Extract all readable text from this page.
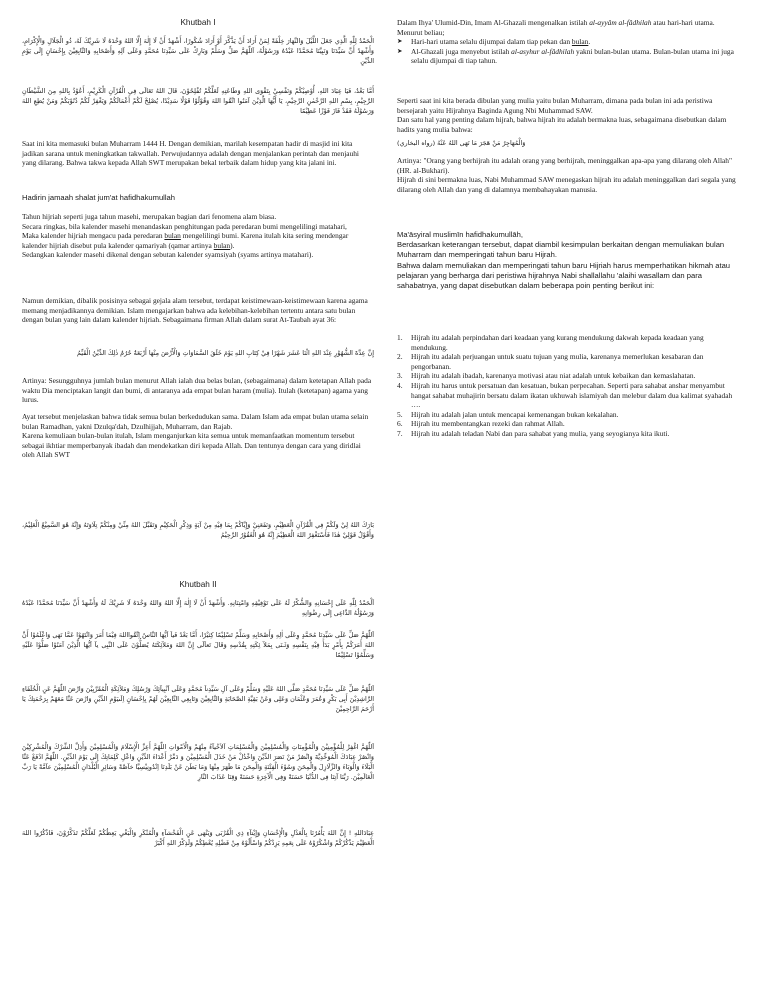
Khutbah I
الْحَمْدُ لِلّٰهِ الَّذِي جَعَلَ اللَّيْلَ وَالنَّهَارَ خِلْفَةً لِمَنْ أَرَادَ أَنْ يَذَّكَّرَ أَوْ أَرَادَ شُكُورًا، أَشْهَدُ أَنْ لَا إِلٰهَ إِلَّا اللهُ وَحْدَهُ لَا شَرِيْكَ لَهُ، ذُو الْجَلَالِ وَالْإِكْرَامِ، وَأَشْهَدُ أَنَّ سَيِّدَنَا وَنَبِيَّنَا مُحَمَّدًا عَبْدُهُ وَرَسُوْلُهُ، اَللّٰهُمَّ صَلِّ وَسَلِّمْ وَبَارِكْ عَلَى سَيِّدِنَا مُحَمَّدٍ وَعَلَى آلِهِ وَأَصْحَابِهِ وَالتَّابِعِيْنَ بِإِحْسَانٍ إِلَى يَوْمِ الدِّيْنِ
أَمَّا بَعْدُ، فَيَا عِبَادَ اللهِ، أُوْصِيْكُمْ وَنَفْسِيْ بِتَقْوَى اللهِ وَطَاعَتِهِ لَعَلَّكُمْ تُفْلِحُوْنَ، قَالَ اللهُ تَعَالَى فِي الْقُرْآنِ الْكَرِيْمِ، أَعُوْذُ بِاللهِ مِنَ الشَّيْطَانِ الرَّجِيْمِ، بِسْمِ اللهِ الرَّحْمٰنِ الرَّحِيْمِ، يَا أَيُّهَا الَّذِيْنَ آمَنُوا اتَّقُوا اللهَ وَقُوْلُوْا قَوْلًا سَدِيْدًا، يُصْلِحْ لَكُمْ أَعْمَالَكُمْ وَيَغْفِرْ لَكُمْ ذُنُوْبَكُمْ وَمَنْ يُطِعِ اللهَ وَرَسُوْلَهُ فَقَدْ فَازَ فَوْزًا عَظِيْمًا

Saat ini kita memasuki bulan Muharram 1444 H. Dengan demikian, marilah kesempatan hadir di masjid ini kita jadikan sarana untuk meningkatkan takwallah. Perwujudannya adalah dengan menjalankan perintah dan menjauhi yang dilarang. Bahwa takwa kepada Allah SWT merupakan bekal terbaik dalam hidup yang kita jalani ini.

Hadirin jamaah shalat jum'at hafidhakumullah

Tahun hijriah seperti juga tahun masehi, merupakan bagian dari fenomena alam biasa.

Secara ringkas, bila kalender masehi menandaskan penghitungan pada peredaran bumi mengelilingi matahari,

Maka kalender hijriah mengacu pada peredaran bulan mengelilingi bumi. Karena itulah kita sering mendengar kalender hijriah disebut pula kalender qamariyah (qamar artinya bulan).

Sedangkan kalender masehi dikenal dengan sebutan kalender syamsiyah (syams artinya matahari).

Namun demikian, dibalik posisinya sebagai gejala alam tersebut, terdapat keistimewaan-keistimewaan karena agama memang menjadikannya demikian. Islam mengajarkan bahwa ada kelebihan-kelebihan tertentu antara satu bulan dengan bulan yang lain dalam kalender hijriah. Sebagaimana firman Allah dalam surat At-Taubah ayat 36:

إِنَّ عِدَّةَ الشُّهُوْرِ عِنْدَ اللهِ اثْنَا عَشَرَ شَهْرًا فِيْ كِتَابِ اللهِ يَوْمَ خَلَقَ السَّمَاوَاتِ وَالْأَرْضَ مِنْهَا أَرْبَعَةٌ حُرُمٌ ذٰلِكَ الدِّيْنُ الْقَيِّمُ

Artinya: Sesungguhnya jumlah bulan menurut Allah ialah dua belas bulan, (sebagaimana) dalam ketetapan Allah pada waktu Dia menciptakan langit dan bumi, di antaranya ada empat bulan haram (mulia). Itulah (ketetapan) agama yang lurus.

Ayat tersebut menjelaskan bahwa tidak semua bulan berkedudukan sama. Dalam Islam ada empat bulan utama selain bulan Ramadhan, yakni Dzulqa'dah, Dzulhijjah, Muharram, dan Rajab.

Karena kemuliaan bulan-bulan itulah, Islam menganjurkan kita semua untuk memanfaatkan momentum tersebut sebagai ikhtiar memperbanyak ibadah dan mendekatkan diri kepada Allah. Dan tentunya dengan cara yang diridlai oleh Allah SWT

بَارَكَ اللهُ لِيْ وَلَكُمْ فِي الْقُرْآنِ الْعَظِيْمِ، وَنَفَعَنِيْ وَإِيَّاكُمْ بِمَا فِيْهِ مِنْ آيَةٍ وَذِكْرِ الْحَكِيْمِ وَتَقَبَّلَ اللهُ مِنِّيْ وَمِنْكُمْ تِلَاوَتَهُ وَإِنَّهُ هُوَ السَّمِيْعُ الْعَلِيْمُ، وَأَقُوْلُ قَوْلِيْ هٰذَا فَأَسْتَغْفِرُ اللهَ الْعَظِيْمَ إِنَّهُ هُوَ الْغَفُوْرُ الرَّحِيْمُ
Khutbah II
اَلْحَمْدُ لِلّٰهِ عَلَى إِحْسَانِهِ وَالشُّكْرُ لَهُ عَلَى تَوْفِيْقِهِ وَامْتِنَانِهِ. وَأَشْهَدُ أَنْ لَا إِلٰهَ إِلَّا اللهُ وَاللهُ وَحْدَهُ لَا شَرِيْكَ لَهُ وَأَشْهَدُ أَنَّ سَيِّدَنَا مُحَمَّدًا عَبْدُهُ وَرَسُوْلُهُ الدَّاعِى إِلَى رِضْوَانِهِ
اَللّٰهُمَّ صَلِّ عَلَى سَيِّدِنَا مُحَمَّدٍ وِعَلَى اٰلِهِ وَأَصْحَابِهِ وَسَلِّمْ تَسْلِيْمًا كِثيْرًا، أَمَّا بَعْدُ فَياَ اَيُّهَا النَّاسُ اِتَّقُوااللهَ فِيْمَا أَمَرَ وَانْتَهُوْا عَمَّا نَهَى وَاعْلَمُوْا أَنَّ اللهَ أَمَرَكُمْ بِأَمْرٍ بَدَأَ فِيْهِ بِنَفْسِهِ وَثَـنَى بِمَلآ ئِكَتِهِ بِقُدْسِهِ وَقَالَ تَعاَلَى إِنَّ اللهَ وَمَلآئِكَتَهُ يُصَلُّوْنَ عَلَى النَّبِى يآ اَيُّهَا الَّذِيْنَ آمَنُوْا صَلُّوْا عَلَيْهِ وَسَلِّمُوْا تَسْلِيْمًا
اَللّٰهُمَّ صَلِّ عَلَى سَيِّدِنَا مُحَمَّدٍ صَلَّى اللهُ عَلَيْهِ وَسَلِّمْ وَعَلَى آلِ سَيِّدِناَ مُحَمَّدٍ وَعَلَى اَنْبِيآئِكَ وَرُسُلِكَ وَمَلآئِكَةِ الْمُقَرَّبِيْنَ وَارْضَ اللّٰهُمَّ عَنِ الْخُلَفَاءِ الرَّاشِدِيْنَ أَبِى بَكْرٍ وَعُمَرَ وَعُثْمَان وَعَلِى وَعَنْ بَقِيَّةِ الصَّحَابَةِ وَالتَّابِعِيْنَ وَتَابِعِي التَّابِعِيْنَ لَهُمْ بِاِحْسَانٍ اِلَىيَوْمِ الدِّيْنِ وَارْضَ عَنَّا مَعَهُمْ بِرَحْمَتِكَ يَا أَرْحَمَ الرَّاحِمِيْنَ
اَللّٰهُمَّ اغْفِرْ لِلْمُؤْمِنِيْنَ وَالْمُؤْمِنَاتِ وَالْمُسْلِمِيْنَ وَالْمُسْلِمَاتِ اَلاَحْيآءُ مِنْهُمْ وَالْاَمْوَاتِ اللّٰهُمَّ أَعِزَّ الْإِسْلَامَ وَالْمُسْلِمِيْنَ وَأَذِلَّ الشِّرْكَ وَالْمُشْرِكِيْنَ وَانْصُرْ عِبَادَكَ الْمُوَحِّدِيَّةَ وَانْصُرْ مَنْ نَصَرَ الدِّيْنَ وَاخْذُلْ مَنْ خَذَلَ الْمُسْلِمِيْنَ وَ دَمِّرْ أَعْدَاءَ الدِّيْنِ وَاعْلِ كَلِمَاتِكَ إِلَى يَوْمَ الدِّيْنِ. اللّٰهُمَّ ادْفَعْ عَنَّا الْبَلَاءَ وَالْوَبَاءَ وَالزَّلَازِلَ وَالْمِحَنَ وَسُوْءَ الْفِتْنَةِ وَالْمِحَنَ مَا ظَهَرَ مِنْهَا وَمَا بَطَنَ عَنْ بَلَدِنَا اِنْدُونِيْسِيَّا خآصَّةً وَسَائِرِ الْبُلْدَانِ الْمُسْلِمِيْنَ عآمَّةً يَا رَبَّ الْعَالَمِيْنَ. رَبَّنَا آتِنَا فِى الدُّنْيَا حَسَنَةً وَفِى الْآخِرَةِ حَسَنَةً وَقِنَا عَذَابَ النَّارِ
عِبَادَاللهِ ! إِنَّ اللهَ يَأْمُرُنَا بِالْعَدْلِ وَالْإِحْسَانِ وَإِيْتآءِ ذِي الْقُرْبَى وَيَنْهَى عَنِ الْفَحْشآءِ وَالْمُنْكَرِ وَالْبَغْيِ يَعِظُكُمْ لَعَلَّكُمْ تَذَكَّرُوْنَ، فَاذْكُرُوا اللهَ الْعَظِيْمَ يَذْكُرْكُمْ وَاشْكُرُوْهُ عَلَى نِعَمِهِ يَزِدْكُمْ وَاسْأَلُوْهُ مِنْ فَضْلِهِ يُعْطِكُمْ وَلَذِكْرُ اللهِ أَكْبَرْ

Dalam Ihya' Ulumid-Din, Imam Al-Ghazali mengenalkan istilah al-ayyâm al-fâdhilah atau hari-hari utama.

Menurut beliau;

➤ Hari-hari utama selalu dijumpai dalam tiap pekan dan bulan.
➤ Al-Ghazali juga menyebut istilah al-asyhur al-fâdhilah yakni bulan-bulan utama. Bulan-bulan utama ini juga selalu dijumpai di tiap tahun.

Seperti saat ini kita berada dibulan yang mulia yaitu bulan Muharram, dimana pada bulan ini ada peristiwa bersejarah yaitu Hijrahnya Baginda Agung Nbi Muhammad SAW.

Dan satu hal yang penting dalam hijrah, bahwa hijrah itu adalah bermakna luas, sebagaimana disebutkan dalam hadits yang mulia bahwa:

وَالْمُهَاجِرُ مَنْ هَجَرَ مَا نَهَى اللهُ عَنْهُ (رواه البخاري)

Artinya: "Orang yang berhijrah itu adalah orang yang berhijrah, meninggalkan apa-apa yang dilarang oleh Allah" (HR. al-Bukhari).

Hijrah di sini bermakna luas, Nabi Muhammad SAW menegaskan hijrah itu adalah meninggalkan dari segala yang dilarang oleh Allah dan yang di dalamnya membahayakan manusia.

Ma'āsyiral muslimīn hafidhakumullāh,

Berdasarkan keterangan tersebut, dapat diambil kesimpulan berkaitan dengan memuliakan bulan Muharram dan memperingati tahun baru Hijrah.

Bahwa dalam memuliakan dan memperingati tahun baru Hijriah harus memperhatikan hikmah atau pelajaran yang berharga dari peristiwa hijrahnya Nabi shallallahu 'alaihi wasallam dan para sahabatnya, yang dapat disebutkan dalam beberapa poin penting berikut ini:

1. Hijrah itu adalah perpindahan dari keadaan yang kurang mendukung dakwah kepada keadaan yang mendukung.
2. Hijrah itu adalah perjuangan untuk suatu tujuan yang mulia, karenanya memerlukan kesabaran dan pengorbanan.
3. Hijrah itu adalah ibadah, karenanya motivasi atau niat adalah untuk kebaikan dan kemaslahatan.
4. Hijrah itu harus untuk persatuan dan kesatuan, bukan perpecahan. Seperti para sahabat anshar menyambut hangat sahabat muhajirin bersatu dalam ikatan ukhuwah islamiyah dan melebur dalam dua kalimat syahadah ….
5. Hijrah itu adalah jalan untuk mencapai kemenangan bukan kekalahan.
6. Hijrah itu membentangkan rezeki dan rahmat Allah.
7. Hijrah itu adalah teladan Nabi dan para sahabat yang mulia, yang seyogianya kita ikuti.
